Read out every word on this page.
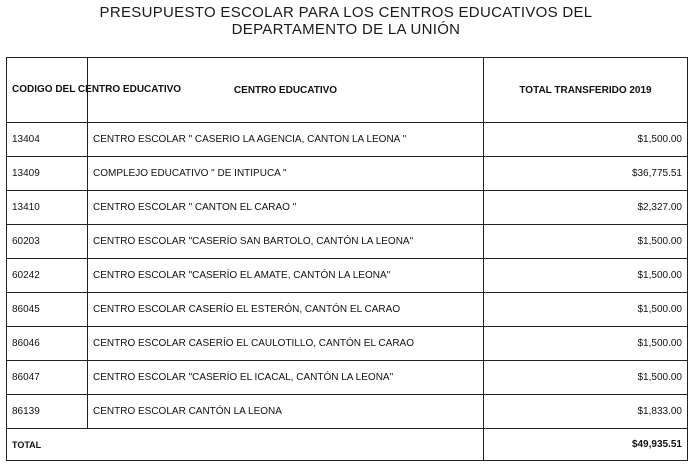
PRESUPUESTO ESCOLAR PARA LOS CENTROS EDUCATIVOS DEL
DEPARTAMENTO DE LA UNIÓN
CODIGO DEL CENTRO EDUCATIVO	CENTRO EDUCATIVO	TOTAL TRANSFERIDO 2019
13404	CENTRO ESCOLAR " CASERIO LA AGENCIA, CANTON LA LEONA "	$1,500.00
13409	COMPLEJO EDUCATIVO " DE INTIPUCA "	$36,775.51
13410	CENTRO ESCOLAR " CANTON EL CARAO "	$2,327.00
60203	CENTRO ESCOLAR "CASERÍO SAN BARTOLO, CANTÓN LA LEONA"	$1,500.00
60242	CENTRO ESCOLAR "CASERÍO EL AMATE, CANTÓN LA LEONA"	$1,500.00
86045	CENTRO ESCOLAR CASERÍO EL ESTERÓN, CANTÓN EL CARAO	$1,500.00
86046	CENTRO ESCOLAR CASERÍO EL CAULOTILLO, CANTÓN EL CARAO	$1,500.00
86047	CENTRO ESCOLAR "CASERÍO EL ICACAL, CANTÓN LA LEONA"	$1,500.00
86139	CENTRO ESCOLAR CANTÓN LA LEONA	$1,833.00
TOTAL		$49,935.51
